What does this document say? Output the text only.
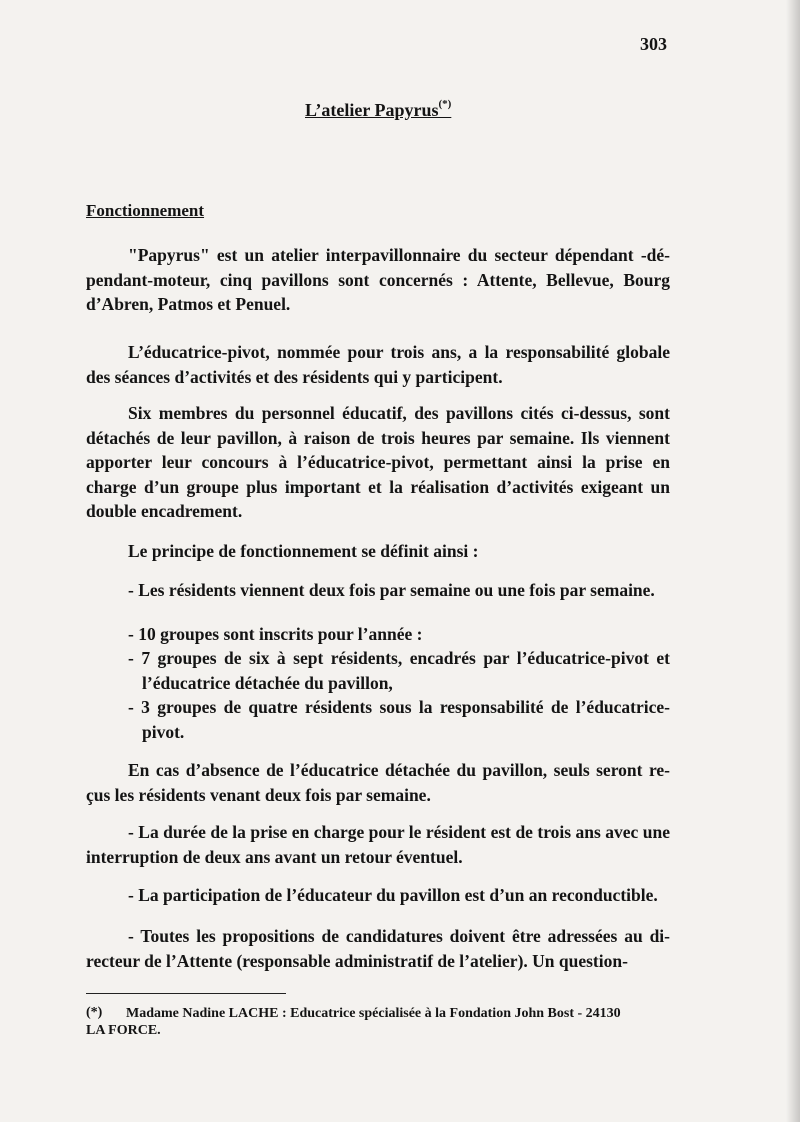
303
L’atelier Papyrus(*)
Fonctionnement

"Papyrus" est un atelier interpavillonnaire du secteur dépendant -dé-pendant-moteur, cinq pavillons sont concernés : Attente, Bellevue, Bourg d’Abren, Patmos et Penuel.

L’éducatrice-pivot, nommée pour trois ans, a la responsabilité globale des séances d’activités et des résidents qui y participent.

Six membres du personnel éducatif, des pavillons cités ci-dessus, sont détachés de leur pavillon, à raison de trois heures par semaine. Ils viennent apporter leur concours à l’éducatrice-pivot, permettant ainsi la prise en charge d’un groupe plus important et la réalisation d’activités exigeant un double encadrement.

Le principe de fonctionnement se définit ainsi :

- Les résidents viennent deux fois par semaine ou une fois par semaine.

- 10 groupes sont inscrits pour l’année :

- 7 groupes de six à sept résidents, encadrés par l’éducatrice-pivot et l’éducatrice détachée du pavillon,

- 3 groupes de quatre résidents sous la responsabilité de l’éducatrice-pivot.

En cas d’absence de l’éducatrice détachée du pavillon, seuls seront re-çus les résidents venant deux fois par semaine.

- La durée de la prise en charge pour le résident est de trois ans avec une interruption de deux ans avant un retour éventuel.

- La participation de l’éducateur du pavillon est d’un an reconductible.

- Toutes les propositions de candidatures doivent être adressées au di-recteur de l’Attente (responsable administratif de l’atelier). Un question-

(*) Madame Nadine LACHE : Educatrice spécialisée à la Fondation John Bost - 24130
LA FORCE.
